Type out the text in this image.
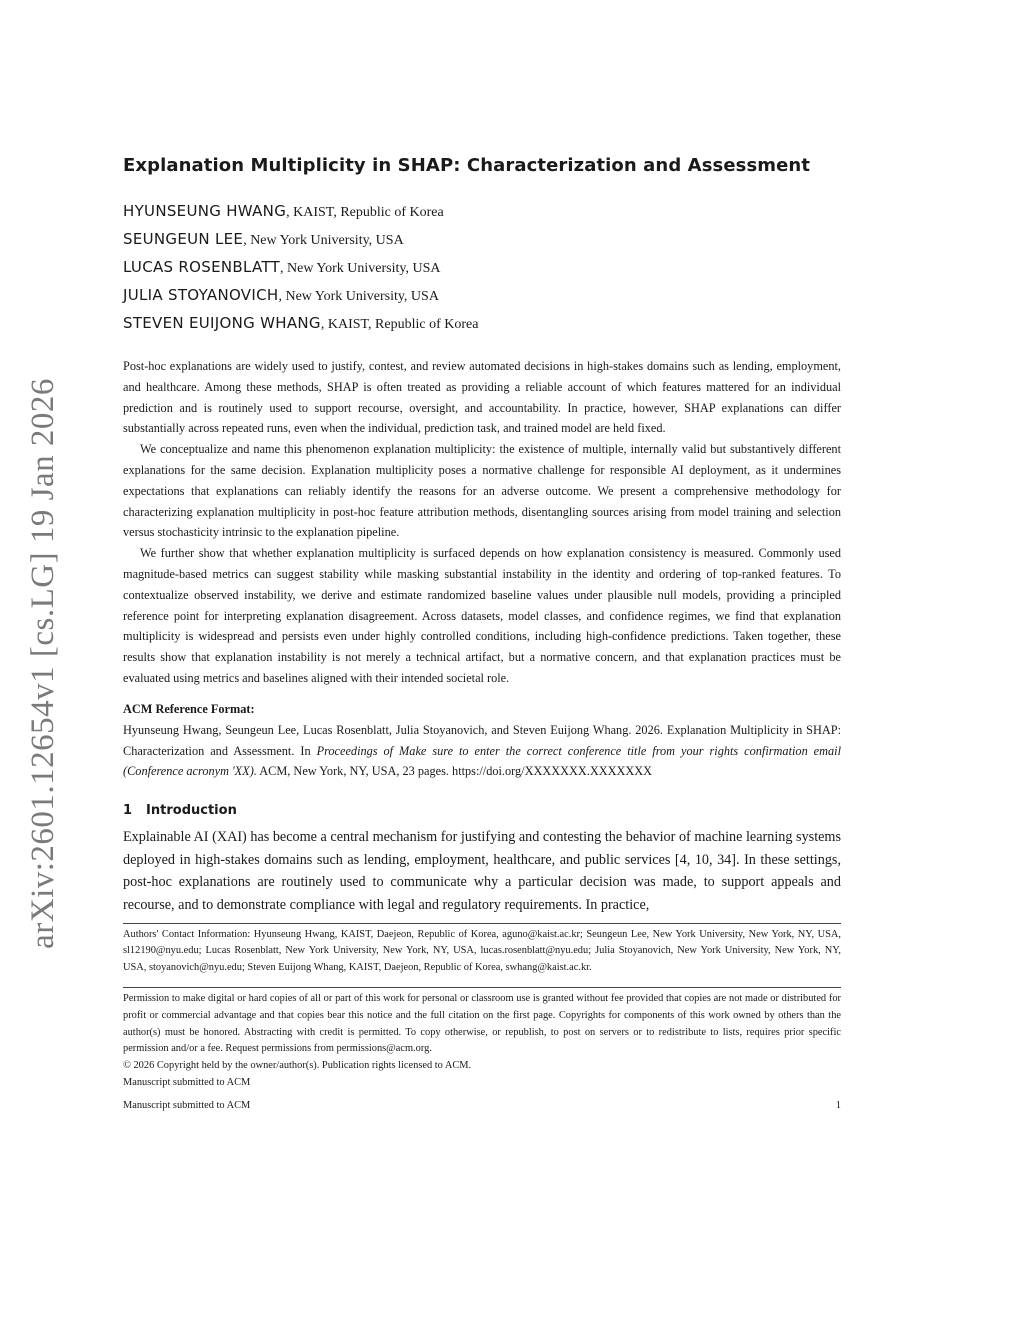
arXiv:2601.12654v1 [cs.LG] 19 Jan 2026
Explanation Multiplicity in SHAP: Characterization and Assessment
HYUNSEUNG HWANG, KAIST, Republic of Korea
SEUNGEUN LEE, New York University, USA
LUCAS ROSENBLATT, New York University, USA
JULIA STOYANOVICH, New York University, USA
STEVEN EUIJONG WHANG, KAIST, Republic of Korea

Post-hoc explanations are widely used to justify, contest, and review automated decisions in high-stakes domains such as lending, employment, and healthcare. Among these methods, SHAP is often treated as providing a reliable account of which features mattered for an individual prediction and is routinely used to support recourse, oversight, and accountability. In practice, however, SHAP explanations can differ substantially across repeated runs, even when the individual, prediction task, and trained model are held fixed.

We conceptualize and name this phenomenon explanation multiplicity: the existence of multiple, internally valid but substantively different explanations for the same decision. Explanation multiplicity poses a normative challenge for responsible AI deployment, as it undermines expectations that explanations can reliably identify the reasons for an adverse outcome. We present a comprehensive methodology for characterizing explanation multiplicity in post-hoc feature attribution methods, disentangling sources arising from model training and selection versus stochasticity intrinsic to the explanation pipeline.

We further show that whether explanation multiplicity is surfaced depends on how explanation consistency is measured. Commonly used magnitude-based metrics can suggest stability while masking substantial instability in the identity and ordering of top-ranked features. To contextualize observed instability, we derive and estimate randomized baseline values under plausible null models, providing a principled reference point for interpreting explanation disagreement. Across datasets, model classes, and confidence regimes, we find that explanation multiplicity is widespread and persists even under highly controlled conditions, including high-confidence predictions. Taken together, these results show that explanation instability is not merely a technical artifact, but a normative concern, and that explanation practices must be evaluated using metrics and baselines aligned with their intended societal role.

ACM Reference Format:

Hyunseung Hwang, Seungeun Lee, Lucas Rosenblatt, Julia Stoyanovich, and Steven Euijong Whang. 2026. Explanation Multiplicity in SHAP: Characterization and Assessment. In Proceedings of Make sure to enter the correct conference title from your rights confirmation email (Conference acronym 'XX). ACM, New York, NY, USA, 23 pages. https://doi.org/XXXXXXX.XXXXXXX

1 Introduction

Explainable AI (XAI) has become a central mechanism for justifying and contesting the behavior of machine learning systems deployed in high-stakes domains such as lending, employment, healthcare, and public services [4, 10, 34]. In these settings, post-hoc explanations are routinely used to communicate why a particular decision was made, to support appeals and recourse, and to demonstrate compliance with legal and regulatory requirements. In practice,

Authors' Contact Information: Hyunseung Hwang, KAIST, Daejeon, Republic of Korea, aguno@kaist.ac.kr; Seungeun Lee, New York University, New York, NY, USA, sl12190@nyu.edu; Lucas Rosenblatt, New York University, New York, NY, USA, lucas.rosenblatt@nyu.edu; Julia Stoyanovich, New York University, New York, NY, USA, stoyanovich@nyu.edu; Steven Euijong Whang, KAIST, Daejeon, Republic of Korea, swhang@kaist.ac.kr.

Permission to make digital or hard copies of all or part of this work for personal or classroom use is granted without fee provided that copies are not made or distributed for profit or commercial advantage and that copies bear this notice and the full citation on the first page. Copyrights for components of this work owned by others than the author(s) must be honored. Abstracting with credit is permitted. To copy otherwise, or republish, to post on servers or to redistribute to lists, requires prior specific permission and/or a fee. Request permissions from permissions@acm.org.

© 2026 Copyright held by the owner/author(s). Publication rights licensed to ACM.

Manuscript submitted to ACM

Manuscript submitted to ACM	1
